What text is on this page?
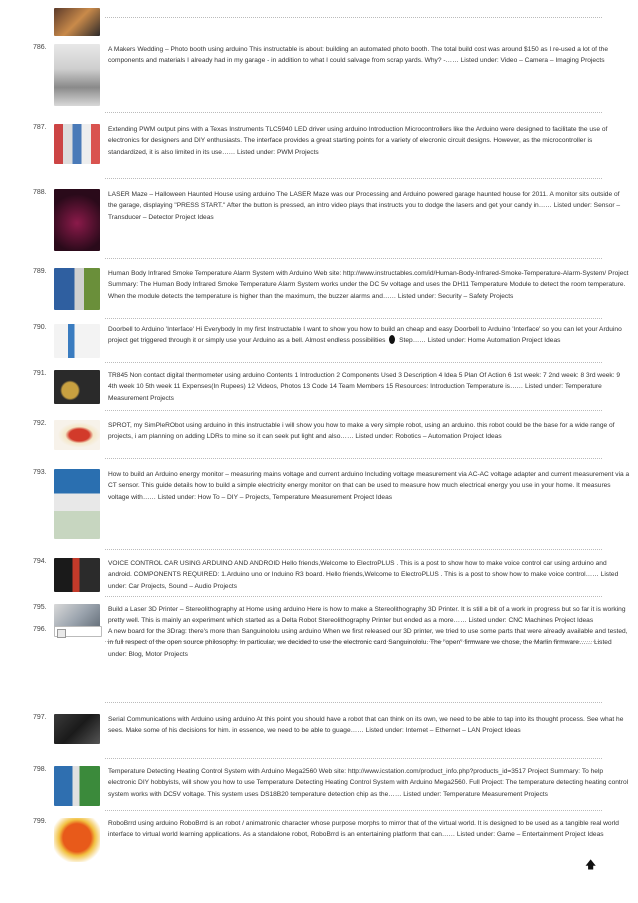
786.	A Makers Wedding – Photo booth using arduino This instructable is about: building an automated photo booth. The total build cost was around $150 as I re-used a lot of the components and materials I already had in my garage - in addition to what I could salvage from scrap yards. Why? -…… Listed under: Video – Camera – Imaging Projects
787.	Extending PWM output pins with a Texas Instruments TLC5940 LED driver using arduino Introduction Microcontrollers like the Arduino were designed to facilitate the use of electronics for designers and DIY enthusiasts. The interface provides a great starting points for a variety of elecronic circuit designs. However, as the microcontroller is standardized, it is also limited in its use…… Listed under: PWM Projects
788.	LASER Maze – Halloween Haunted House using arduino The LASER Maze was our Processing and Arduino powered garage haunted house for 2011. A monitor sits outside of the garage, displaying "PRESS START." After the button is pressed, an intro video plays that instructs you to dodge the lasers and get your candy in…… Listed under: Sensor – Transducer – Detector Project Ideas
789.	Human Body Infrared Smoke Temperature Alarm System with Arduino Web site: http://www.instructables.com/id/Human-Body-Infrared-Smoke-Temperature-Alarm-System/ Project Summary: The Human Body Infrared Smoke Temperature Alarm System works under the DC 5v voltage and uses the DH11 Temperature Module to detect the room temperature. When the module detects the temperature is higher than the maximum, the buzzer alarms and…… Listed under: Security – Safety Projects
790.	Doorbell to Arduino 'Interface' Hi Everybody In my first Instructable I want to show you how to build an cheap and easy Doorbell to Arduino 'Interface' so you can let your Arduino project get triggered through it or simply use your Arduino as a bell. Almost endless possibilities Step…… Listed under: Home Automation Project Ideas
791.	TR845 Non contact digital thermometer using arduino Contents 1 Introduction 2 Components Used 3 Description 4 Idea 5 Plan Of Action 6 1st week: 7 2nd week: 8 3rd week: 9 4th week 10 5th week 11 Expenses(In Rupees) 12 Videos, Photos 13 Code 14 Team Members 15 Resources: Introduction Temperature is…… Listed under: Temperature Measurement Projects
792.	SPROT, my SimPleRObot using arduino in this instructable i will show you how to make a very simple robot, using an arduino. this robot could be the base for a wide range of projects, i am planning on adding LDRs to mine so it can seek put light and also…… Listed under: Robotics – Automation Project Ideas
793.	How to build an Arduino energy monitor – measuring mains voltage and current arduino Including voltage measurement via AC-AC voltage adapter and current measurement via a CT sensor. This guide details how to build a simple electricity energy monitor on that can be used to measure how much electrical energy you use in your home. It measures voltage with…… Listed under: How To – DIY – Projects, Temperature Measurement Project Ideas
794.	VOICE CONTROL CAR USING ARDUINO AND ANDROID Hello friends,Welcome to ElectroPLUS . This is a post to show how to make voice control car using arduino and android. COMPONENTS REQUIRED: 1.Arduino uno or Induino R3 board. Hello friends,Welcome to ElectroPLUS . This is a post to show how to make voice control…… Listed under: Car Projects, Sound – Audio Projects
795.	Build a Laser 3D Printer – Stereolithography at Home using arduino Here is how to make a Stereolithography 3D Printer. It is still a bit of a work in progress but so far it is working pretty well. This is mainly an experiment which started as a Delta Robot Stereolithography Printer but ended as a more…… Listed under: CNC Machines Project Ideas
796.	A new board for the 3Drag: there's more than Sanguinololu using arduino When we first released our 3D printer, we tried to use some parts that were already available and tested, in full respect of the open source philosophy. In particular, we decided to use the electronic card Sanguinololu. The "open" firmware we chose, the Marlin firmware…… Listed under: Blog, Motor Projects
797.	Serial Communications with Arduino using arduino At this point you should have a robot that can think on its own, we need to be able to tap into its thought process. See what he sees. Make some of his decisions for him. in essence, we need to be able to guage…… Listed under: Internet – Ethernet – LAN Project Ideas
798.	Temperature Detecting Heating Control System with Arduino Mega2560 Web site: http://www.icstation.com/product_info.php?products_id=3517 Project Summary: To help electronic DIY hobbyists, will show you how to use Temperature Detecting Heating Control System with Arduino Mega2560. Full Project: The temperature detecting heating control system works with DC5V voltage. This system uses DS18B20 temperature detection chip as the…… Listed under: Temperature Measurement Projects
799.	RoboBrrd using arduino RoboBrrd is an robot / animatronic character whose purpose morphs to mirror that of the virtual world. It is designed to be used as a tangible real world interface to virtual world learning applications. As a standalone robot, RoboBrrd is an entertaining platform that can…… Listed under: Game – Entertainment Project Ideas
🡅
